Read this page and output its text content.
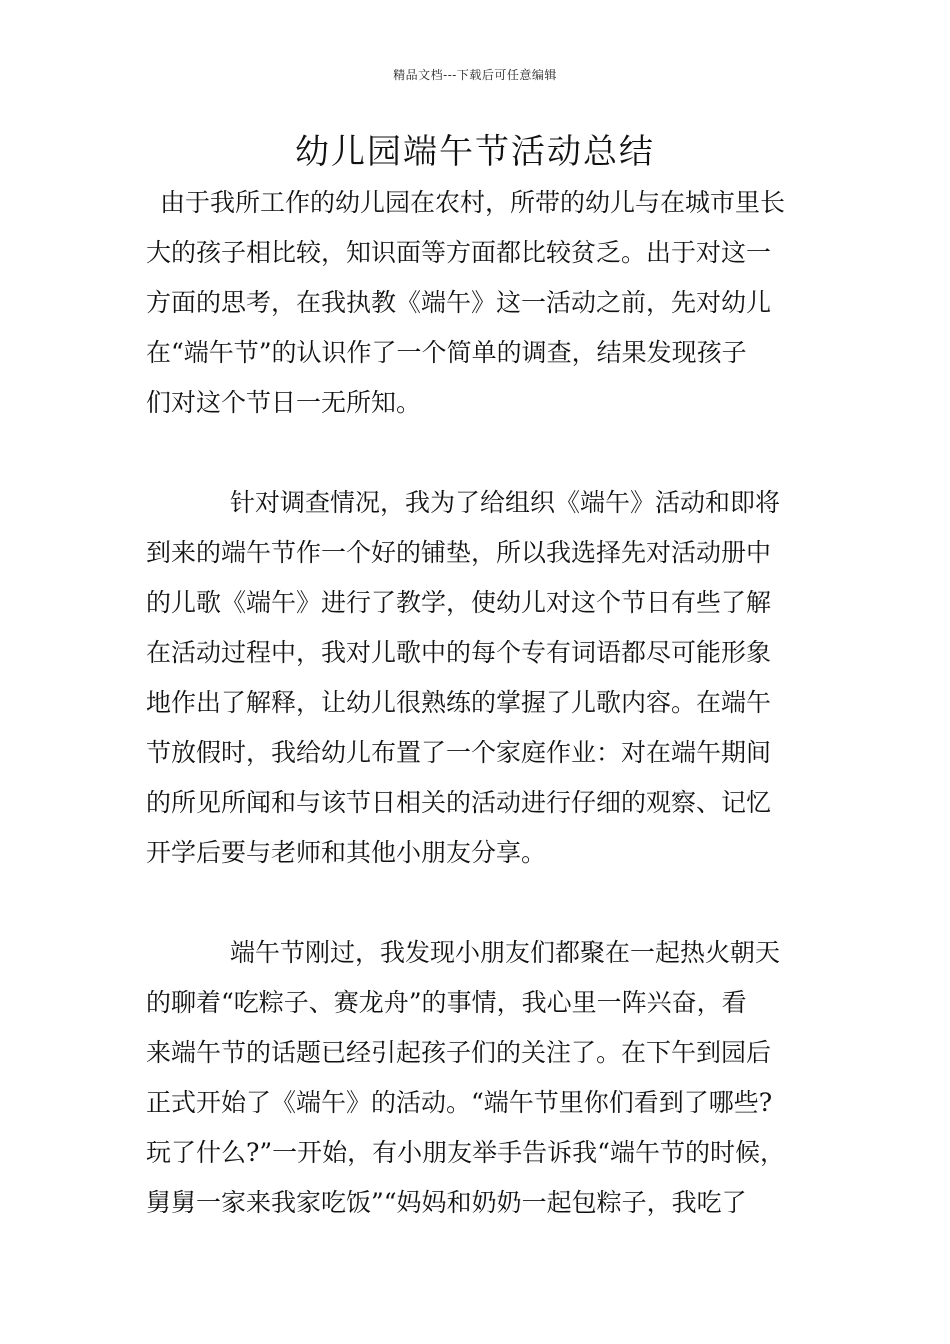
精品文档---下载后可任意编辑
幼儿园端午节活动总结
由于我所工作的幼儿园在农村，所带的幼儿与在城市里长
大的孩子相比较，知识面等方面都比较贫乏。出于对这一
方面的思考，在我执教《端午》这一活动之前，先对幼儿
在“端午节”的认识作了一个简单的调查，结果发现孩子
们对这个节日一无所知。
针对调查情况，我为了给组织《端午》活动和即将
到来的端午节作一个好的铺垫，所以我选择先对活动册中
的儿歌《端午》进行了教学，使幼儿对这个节日有些了解
在活动过程中，我对儿歌中的每个专有词语都尽可能形象
地作出了解释，让幼儿很熟练的掌握了儿歌内容。在端午
节放假时，我给幼儿布置了一个家庭作业：对在端午期间
的所见所闻和与该节日相关的活动进行仔细的观察、记忆
开学后要与老师和其他小朋友分享。
端午节刚过，我发现小朋友们都聚在一起热火朝天
的聊着“吃粽子、赛龙舟”的事情，我心里一阵兴奋，看
来端午节的话题已经引起孩子们的关注了。在下午到园后
正式开始了《端午》的活动。“端午节里你们看到了哪些?
玩了什么?”一开始，有小朋友举手告诉我“端午节的时候，
舅舅一家来我家吃饭”“妈妈和奶奶一起包粽子，我吃了
